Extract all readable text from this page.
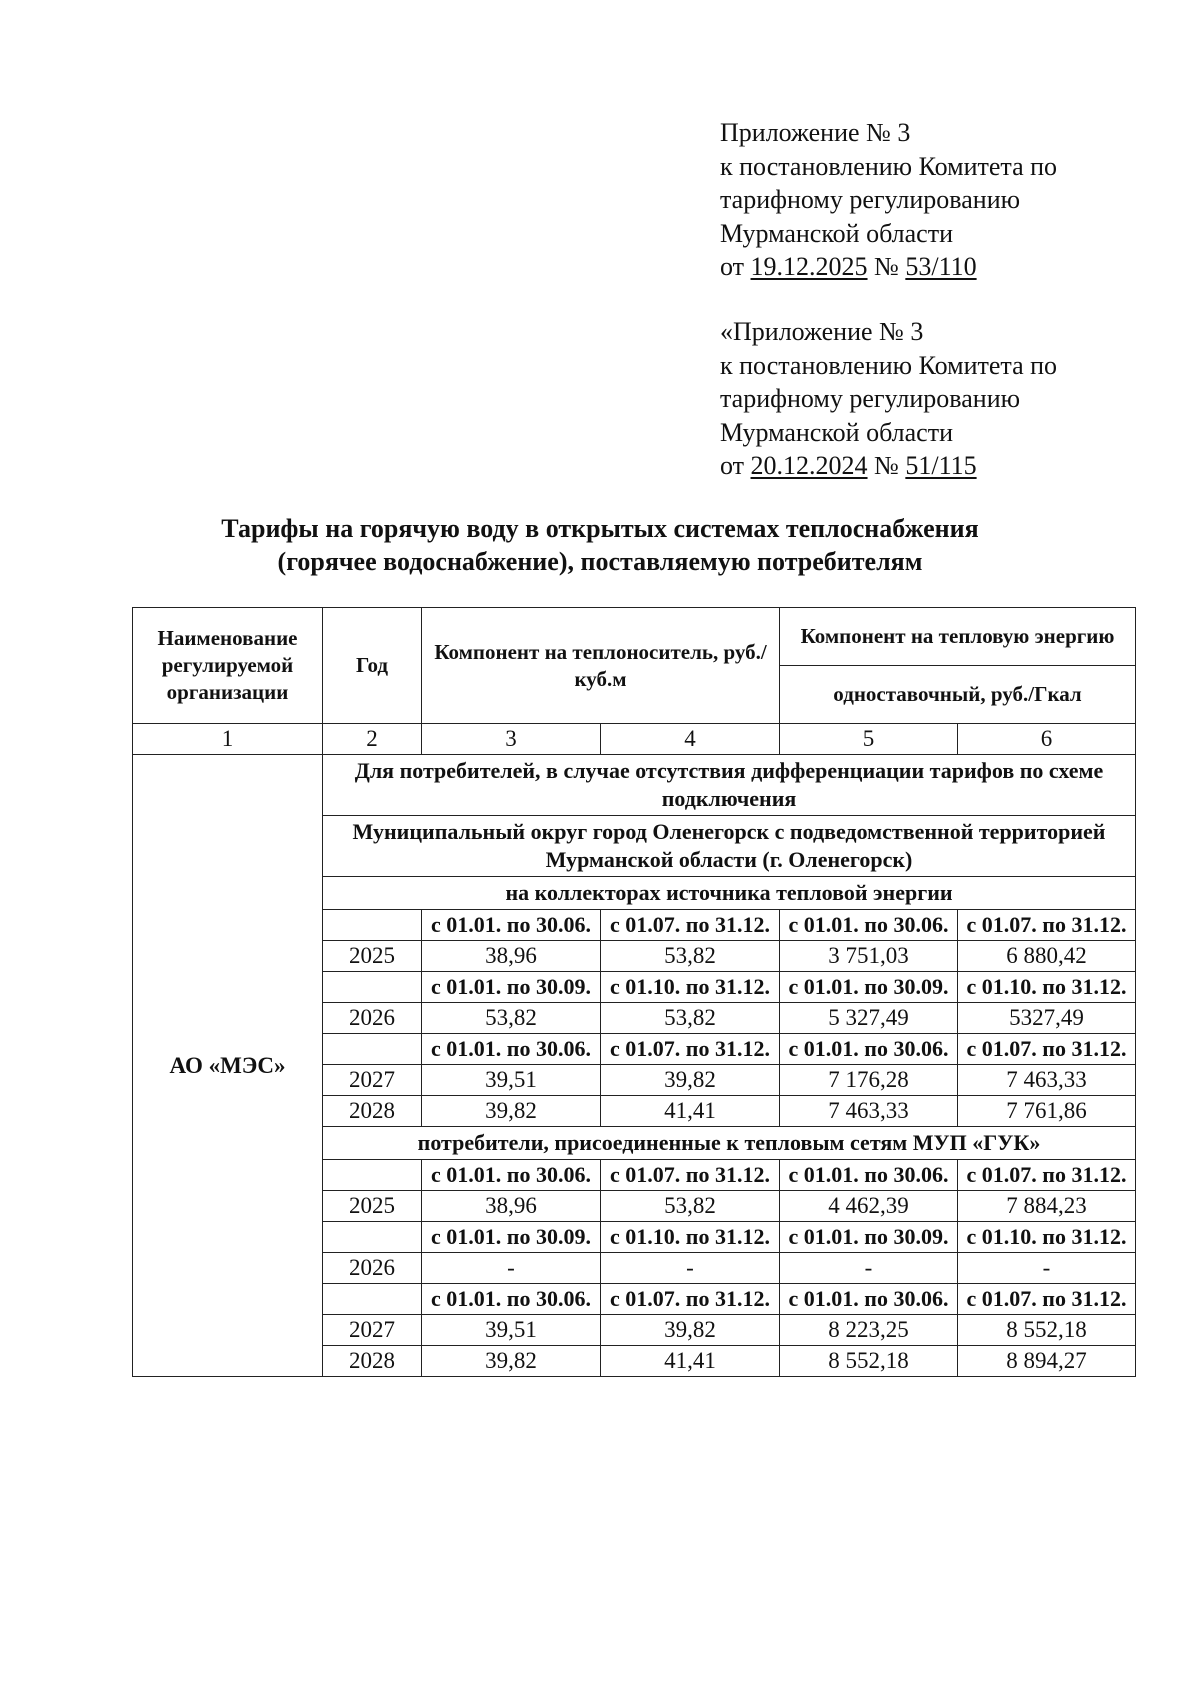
Приложение № 3
к постановлению Комитета по
тарифному регулированию
Мурманской области
от 19.12.2025 № 53/110
«Приложение № 3
к постановлению Комитета по
тарифному регулированию
Мурманской области
от 20.12.2024 № 51/115
Тарифы на горячую воду в открытых системах теплоснабжения
(горячее водоснабжение), поставляемую потребителям
Наименование регулируемой организации	Год	Компонент на теплоноситель, руб./куб.м		Компонент на тепловую энергию	
				одноставочный, руб./Гкал	
1	2	3	4	5	6
АО «МЭС»	Для потребителей, в случае отсутствия дифференциации тарифов по схеме подключения				
	Муниципальный округ город Оленегорск с подведомственной территорией Мурманской области (г. Оленегорск)				
	на коллекторах источника тепловой энергии				
		с 01.01. по 30.06.	с 01.07. по 31.12.	с 01.01. по 30.06.	с 01.07. по 31.12.
	2025	38,96	53,82	3 751,03	6 880,42
		с 01.01. по 30.09.	с 01.10. по 31.12.	с 01.01. по 30.09.	с 01.10. по 31.12.
	2026	53,82	53,82	5 327,49	5327,49
		с 01.01. по 30.06.	с 01.07. по 31.12.	с 01.01. по 30.06.	с 01.07. по 31.12.
	2027	39,51	39,82	7 176,28	7 463,33
	2028	39,82	41,41	7 463,33	7 761,86
	потребители, присоединенные к тепловым сетям МУП «ГУК»				
		с 01.01. по 30.06.	с 01.07. по 31.12.	с 01.01. по 30.06.	с 01.07. по 31.12.
	2025	38,96	53,82	4 462,39	7 884,23
		с 01.01. по 30.09.	с 01.10. по 31.12.	с 01.01. по 30.09.	с 01.10. по 31.12.
	2026	-	-	-	-
		с 01.01. по 30.06.	с 01.07. по 31.12.	с 01.01. по 30.06.	с 01.07. по 31.12.
	2027	39,51	39,82	8 223,25	8 552,18
	2028	39,82	41,41	8 552,18	8 894,27
